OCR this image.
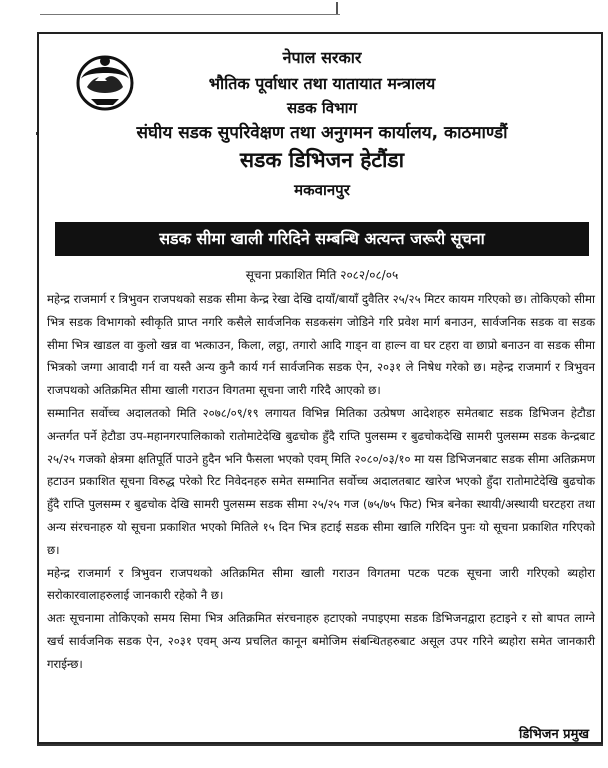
नेपाल सरकार
भौतिक पूर्वाधार तथा यातायात मन्त्रालय
सडक विभाग
संघीय सडक सुपरिवेक्षण तथा अनुगमन कार्यालय, काठमाण्डौं
सडक डिभिजन हेटौंडा
मकवानपुर
सडक सीमा खाली गरिदिने सम्बन्धि अत्यन्त जरूरी सूचना
सूचना प्रकाशित मिति २०८२/०८/०५

महेन्द्र राजमार्ग र त्रिभुवन राजपथको सडक सीमा केन्द्र रेखा देखि दायाँ/बायाँ दुवैतिर २५/२५ मिटर कायम गरिएको छ। तोकिएको सीमा भित्र सडक विभागको स्वीकृति प्राप्त नगरि कसैले सार्वजनिक सडकसंग जोडिने गरि प्रवेश मार्ग बनाउन, सार्वजनिक सडक वा सडक सीमा भित्र खाडल वा कुलो खन्न वा भत्काउन, किला, लट्ठा, तगारो आदि गाड्न वा हाल्न वा घर टहरा वा छाप्रो बनाउन वा सडक सीमा भित्रको जग्गा आवादी गर्न वा यस्तै अन्य कुनै कार्य गर्न सार्वजनिक सडक ऐन, २०३१ ले निषेध गरेको छ। महेन्द्र राजमार्ग र त्रिभुवन राजपथको अतिक्रमित सीमा खाली गराउन विगतमा सूचना जारी गरिदै आएको छ।

सम्मानित सर्वोच्च अदालतको मिति २०७८/०९/१९ लगायत विभिन्न मितिका उत्प्रेषण आदेशहरु समेतबाट सडक डिभिजन हेटौडा अन्तर्गत पर्ने हेटौडा उप-महानगरपालिकाको रातोमाटेदेखि बुढचोक हुँदै राप्ति पुलसम्म र बुढचोकदेखि सामरी पुलसम्म सडक केन्द्रबाट २५/२५ गजको क्षेत्रमा क्षतिपूर्ति पाउने हुदैन भनि फैसला भएको एवम् मिति २०८०/०३/१० मा यस डिभिजनबाट सडक सीमा अतिक्रमण हटाउन प्रकाशित सूचना विरुद्ध परेको रिट निवेदनहरु समेत सम्मानित सर्वोच्च अदालतबाट खारेज भएको हुँदा रातोमाटेदेखि बुढचोक हुँदै राप्ति पुलसम्म र बुढचोक देखि सामरी पुलसम्म सडक सीमा २५/२५ गज (७५/७५ फिट) भित्र बनेका स्थायी/अस्थायी घरटहरा तथा अन्य संरचनाहरु यो सूचना प्रकाशित भएको मितिले १५ दिन भित्र हटाई सडक सीमा खालि गरिदिन पुनः यो सूचना प्रकाशित गरिएको छ।

महेन्द्र राजमार्ग र त्रिभुवन राजपथको अतिक्रमित सीमा खाली गराउन विगतमा पटक पटक सूचना जारी गरिएको ब्यहोरा सरोकारवालाहरुलाई जानकारी रहेको नै छ।

अतः सूचनामा तोकिएको समय सिमा भित्र अतिक्रमित संरचनाहरु हटाएको नपाइएमा सडक डिभिजनद्वारा हटाइने र सो बापत लाग्ने खर्च सार्वजनिक सडक ऐन, २०३१ एवम् अन्य प्रचलित कानून बमोजिम संबन्धितहरुबाट असूल उपर गरिने ब्यहोरा समेत जानकारी गराईन्छ।

डिभिजन प्रमुख
